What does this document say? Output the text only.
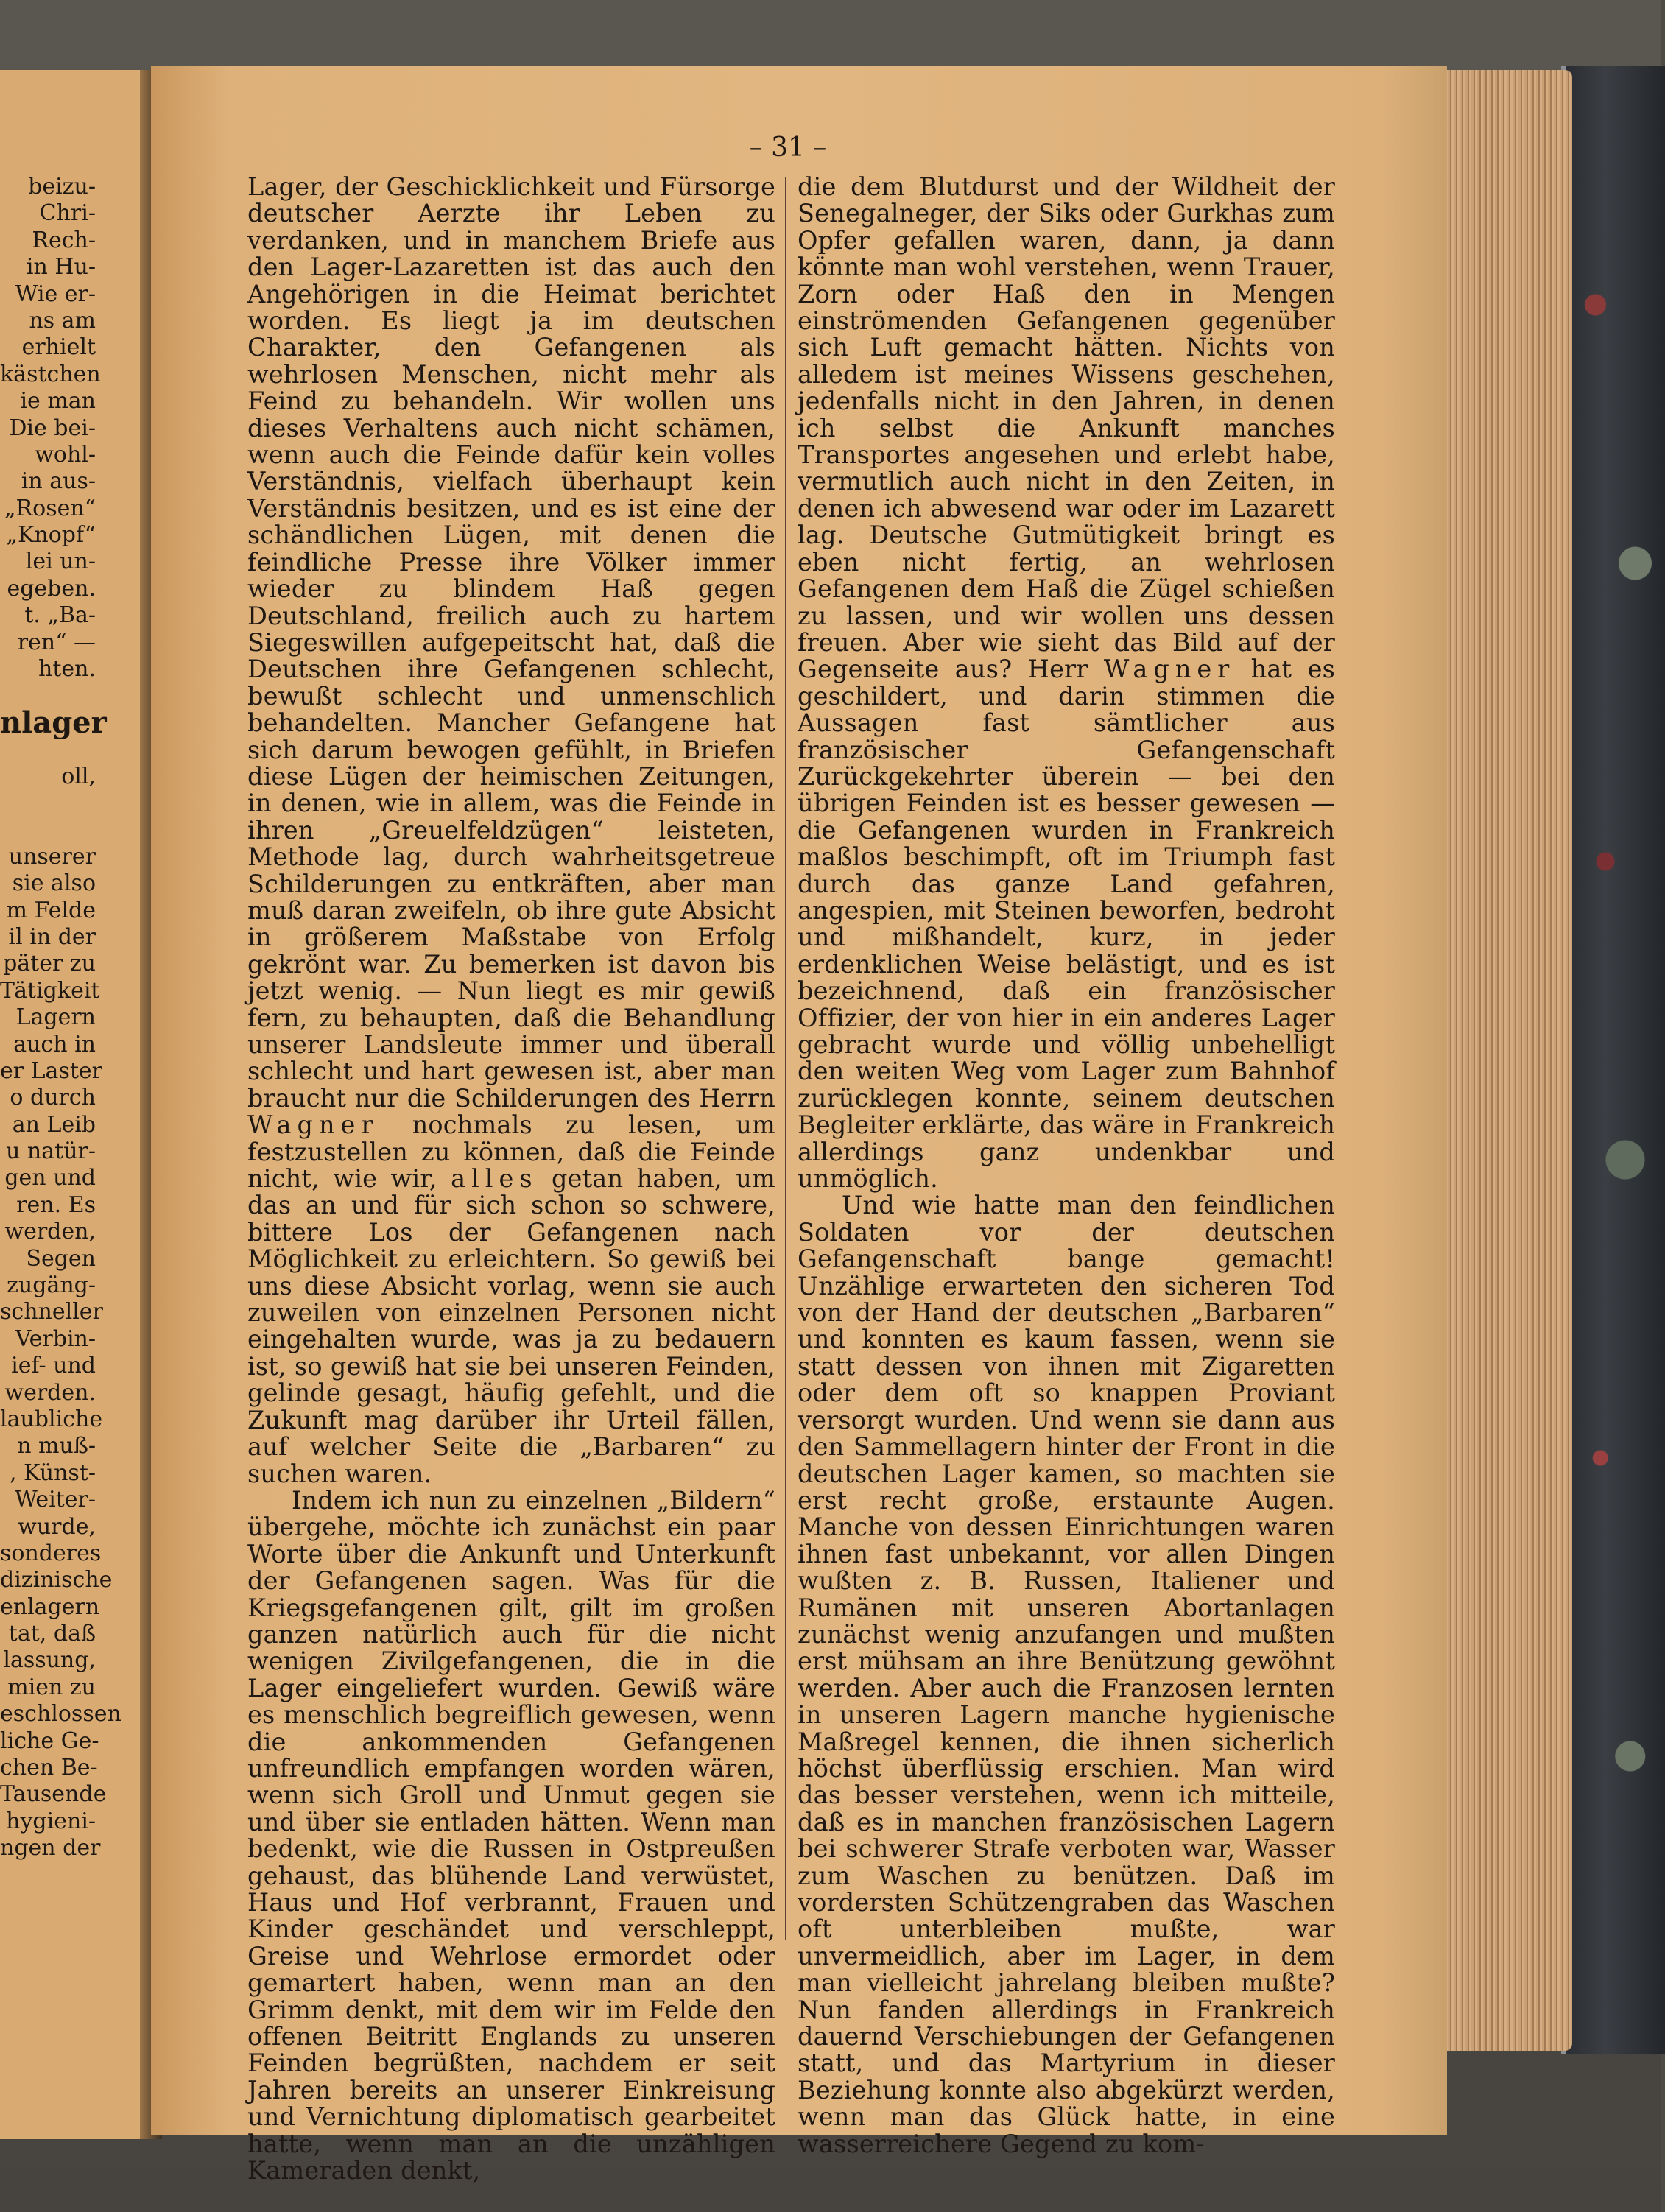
beizu-
Chri-
Rech-
in Hu-
Wie er-
ns am
erhielt
kästchen
ie man
Die bei-
wohl-
in aus-
„Rosen“
„Knopf“
lei un-
egeben.
t. „Ba-
ren“ —
hten.
nlager
oll,
unserer
sie also
m Felde
il in der
päter zu
Tätigkeit
Lagern
auch in
er Laster
o durch
an Leib
u natür-
gen und
ren. Es
werden,
Segen
zugäng-
schneller
Verbin-
ief- und
werden.
laubliche
n muß-
, Künst-
Weiter-
wurde,
sonderes
dizinische
enlagern
tat, daß
lassung,
mien zu
eschlossen
liche Ge-
chen Be-
Tausende
hygieni-
ngen der
– 31 –

Lager, der Geschicklichkeit und Fürsorge deutscher Aerzte ihr Leben zu verdanken, und in manchem Briefe aus den Lager-Lazaretten ist das auch den Angehörigen in die Heimat berichtet worden. Es liegt ja im deutschen Charakter, den Gefangenen als wehrlosen Menschen, nicht mehr als Feind zu behandeln. Wir wollen uns dieses Verhaltens auch nicht schämen, wenn auch die Feinde dafür kein volles Verständnis, vielfach überhaupt kein Verständnis besitzen, und es ist eine der schändlichen Lügen, mit denen die feindliche Presse ihre Völker immer wieder zu blindem Haß gegen Deutschland, freilich auch zu hartem Siegeswillen aufgepeitscht hat, daß die Deutschen ihre Gefangenen schlecht, bewußt schlecht und unmenschlich behandelten. Mancher Gefangene hat sich darum bewogen gefühlt, in Briefen diese Lügen der heimischen Zeitungen, in denen, wie in allem, was die Feinde in ihren „Greuelfeldzügen“ leisteten, Methode lag, durch wahrheitsgetreue Schilderungen zu entkräften, aber man muß daran zweifeln, ob ihre gute Absicht in größerem Maßstabe von Erfolg gekrönt war. Zu bemerken ist davon bis jetzt wenig. — Nun liegt es mir gewiß fern, zu behaupten, daß die Behandlung unserer Landsleute immer und überall schlecht und hart gewesen ist, aber man braucht nur die Schilderungen des Herrn Wagner nochmals zu lesen, um festzustellen zu können, daß die Feinde nicht, wie wir, alles getan haben, um das an und für sich schon so schwere, bittere Los der Gefangenen nach Möglichkeit zu erleichtern. So gewiß bei uns diese Absicht vorlag, wenn sie auch zuweilen von einzelnen Personen nicht eingehalten wurde, was ja zu bedauern ist, so gewiß hat sie bei unseren Feinden, gelinde gesagt, häufig gefehlt, und die Zukunft mag darüber ihr Urteil fällen, auf welcher Seite die „Barbaren“ zu suchen waren.

Indem ich nun zu einzelnen „Bildern“ übergehe, möchte ich zunächst ein paar Worte über die Ankunft und Unterkunft der Gefangenen sagen. Was für die Kriegsgefangenen gilt, gilt im großen ganzen natürlich auch für die nicht wenigen Zivilgefangenen, die in die Lager eingeliefert wurden. Gewiß wäre es menschlich begreiflich gewesen, wenn die ankommenden Gefangenen unfreundlich empfangen worden wären, wenn sich Groll und Unmut gegen sie und über sie entladen hätten. Wenn man bedenkt, wie die Russen in Ostpreußen gehaust, das blühende Land verwüstet, Haus und Hof verbrannt, Frauen und Kinder geschändet und verschleppt, Greise und Wehrlose ermordet oder gemartert haben, wenn man an den Grimm denkt, mit dem wir im Felde den offenen Beitritt Englands zu unseren Feinden begrüßten, nachdem er seit Jahren bereits an unserer Einkreisung und Vernichtung diplomatisch gearbeitet hatte, wenn man an die unzähligen Kameraden denkt,

die dem Blutdurst und der Wildheit der Senegalneger, der Siks oder Gurkhas zum Opfer gefallen waren, dann, ja dann könnte man wohl verstehen, wenn Trauer, Zorn oder Haß den in Mengen einströmenden Gefangenen gegenüber sich Luft gemacht hätten. Nichts von alledem ist meines Wissens geschehen, jedenfalls nicht in den Jahren, in denen ich selbst die Ankunft manches Transportes angesehen und erlebt habe, vermutlich auch nicht in den Zeiten, in denen ich abwesend war oder im Lazarett lag. Deutsche Gutmütigkeit bringt es eben nicht fertig, an wehrlosen Gefangenen dem Haß die Zügel schießen zu lassen, und wir wollen uns dessen freuen. Aber wie sieht das Bild auf der Gegenseite aus? Herr Wagner hat es geschildert, und darin stimmen die Aussagen fast sämtlicher aus französischer Gefangenschaft Zurückgekehrter überein — bei den übrigen Feinden ist es besser gewesen — die Gefangenen wurden in Frankreich maßlos beschimpft, oft im Triumph fast durch das ganze Land gefahren, angespien, mit Steinen beworfen, bedroht und mißhandelt, kurz, in jeder erdenklichen Weise belästigt, und es ist bezeichnend, daß ein französischer Offizier, der von hier in ein anderes Lager gebracht wurde und völlig unbehelligt den weiten Weg vom Lager zum Bahnhof zurücklegen konnte, seinem deutschen Begleiter erklärte, das wäre in Frankreich allerdings ganz undenkbar und unmöglich.

Und wie hatte man den feindlichen Soldaten vor der deutschen Gefangenschaft bange gemacht! Unzählige erwarteten den sicheren Tod von der Hand der deutschen „Barbaren“ und konnten es kaum fassen, wenn sie statt dessen von ihnen mit Zigaretten oder dem oft so knappen Proviant versorgt wurden. Und wenn sie dann aus den Sammellagern hinter der Front in die deutschen Lager kamen, so machten sie erst recht große, erstaunte Augen. Manche von dessen Einrichtungen waren ihnen fast unbekannt, vor allen Dingen wußten z. B. Russen, Italiener und Rumänen mit unseren Abortanlagen zunächst wenig anzufangen und mußten erst mühsam an ihre Benützung gewöhnt werden. Aber auch die Franzosen lernten in unseren Lagern manche hygienische Maßregel kennen, die ihnen sicherlich höchst überflüssig erschien. Man wird das besser verstehen, wenn ich mitteile, daß es in manchen französischen Lagern bei schwerer Strafe verboten war, Wasser zum Waschen zu benützen. Daß im vordersten Schützengraben das Waschen oft unterbleiben mußte, war unvermeidlich, aber im Lager, in dem man vielleicht jahrelang bleiben mußte? Nun fanden allerdings in Frankreich dauernd Verschiebungen der Gefangenen statt, und das Martyrium in dieser Beziehung konnte also abgekürzt werden, wenn man das Glück hatte, in eine wasserreichere Gegend zu kom-
